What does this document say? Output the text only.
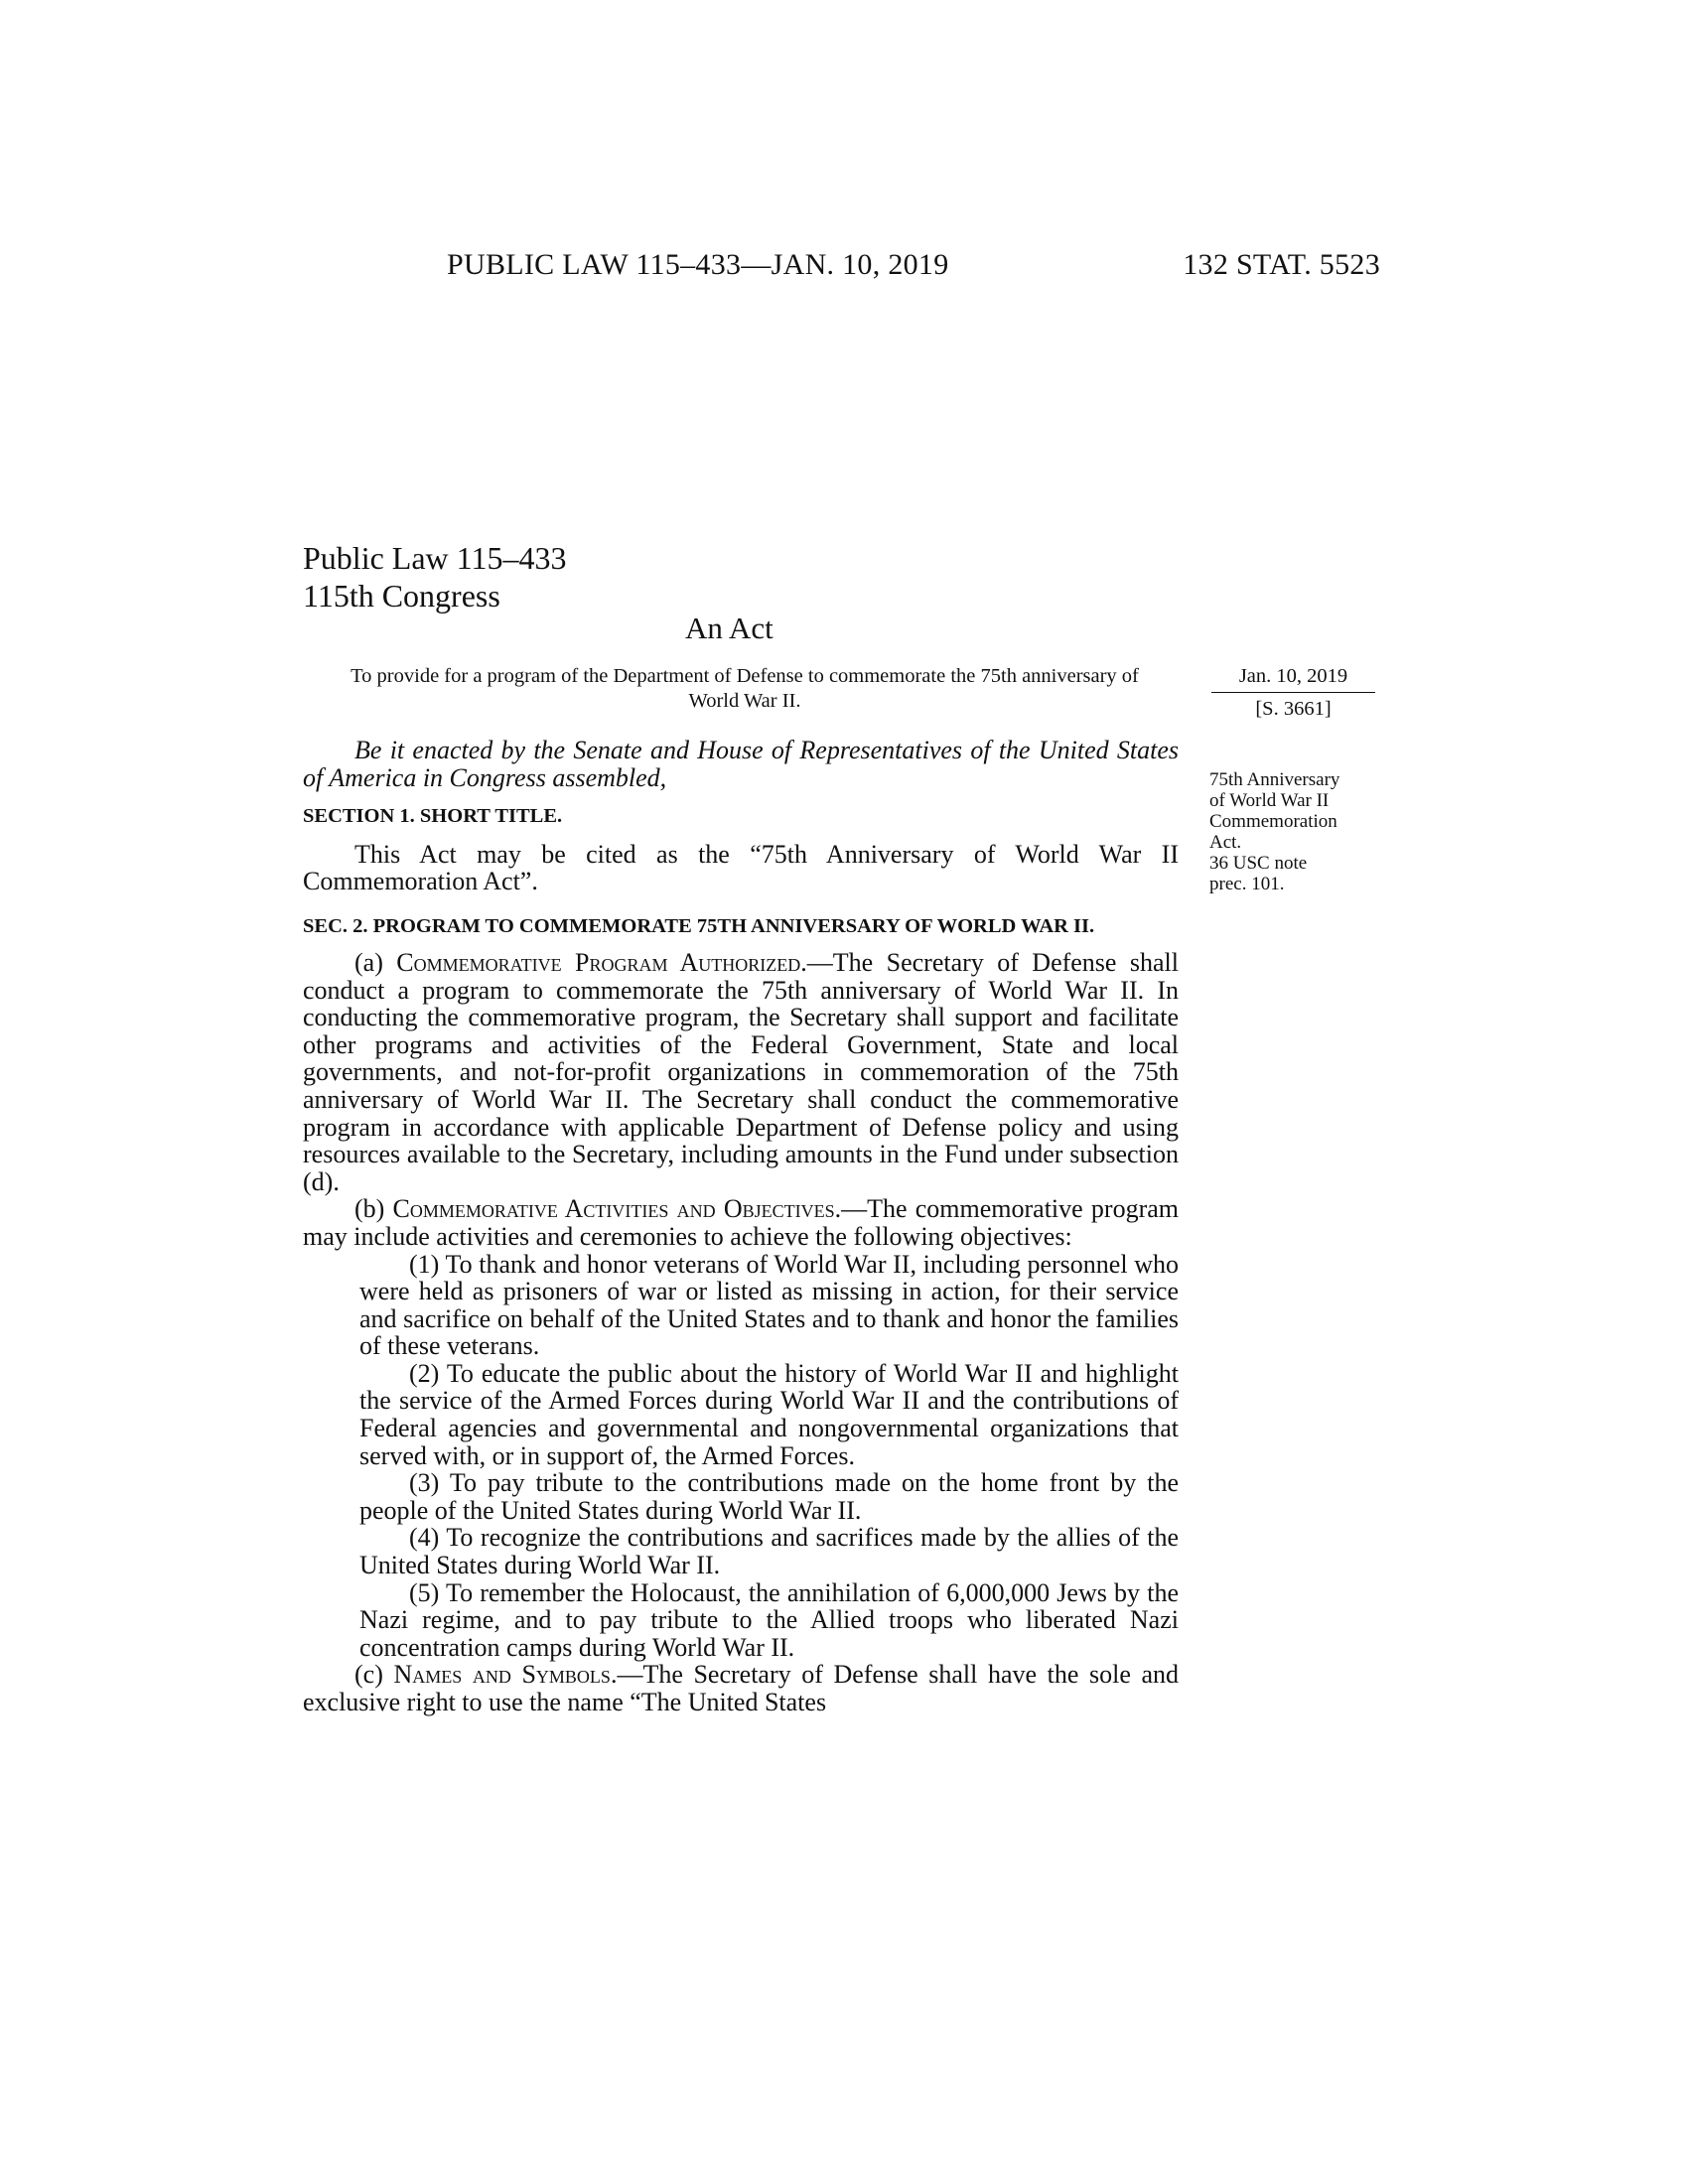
PUBLIC LAW 115–433—JAN. 10, 2019	132 STAT. 5523
Public Law 115–433
115th Congress
An Act
To provide for a program of the Department of Defense to commemorate the 75th anniversary of World War II.
Jan. 10, 2019
[S. 3661]
75th Anniversary
of World War II
Commemoration
Act.
36 USC note
prec. 101.

Be it enacted by the Senate and House of Representatives of the United States of America in Congress assembled,

SECTION 1. SHORT TITLE.

This Act may be cited as the “75th Anniversary of World War II Commemoration Act”.

SEC. 2. PROGRAM TO COMMEMORATE 75TH ANNIVERSARY OF WORLD WAR II.

(a) Commemorative Program Authorized.—The Secretary of Defense shall conduct a program to commemorate the 75th anniversary of World War II. In conducting the commemorative program, the Secretary shall support and facilitate other programs and activities of the Federal Government, State and local governments, and not-for-profit organizations in commemoration of the 75th anniversary of World War II. The Secretary shall conduct the commemorative program in accordance with applicable Department of Defense policy and using resources available to the Secretary, including amounts in the Fund under subsection (d).

(b) Commemorative Activities and Objectives.—The commemorative program may include activities and ceremonies to achieve the following objectives:

(1) To thank and honor veterans of World War II, including personnel who were held as prisoners of war or listed as missing in action, for their service and sacrifice on behalf of the United States and to thank and honor the families of these veterans.

(2) To educate the public about the history of World War II and highlight the service of the Armed Forces during World War II and the contributions of Federal agencies and governmental and nongovernmental organizations that served with, or in support of, the Armed Forces.

(3) To pay tribute to the contributions made on the home front by the people of the United States during World War II.

(4) To recognize the contributions and sacrifices made by the allies of the United States during World War II.

(5) To remember the Holocaust, the annihilation of 6,000,000 Jews by the Nazi regime, and to pay tribute to the Allied troops who liberated Nazi concentration camps during World War II.

(c) Names and Symbols.—The Secretary of Defense shall have the sole and exclusive right to use the name “The United States
